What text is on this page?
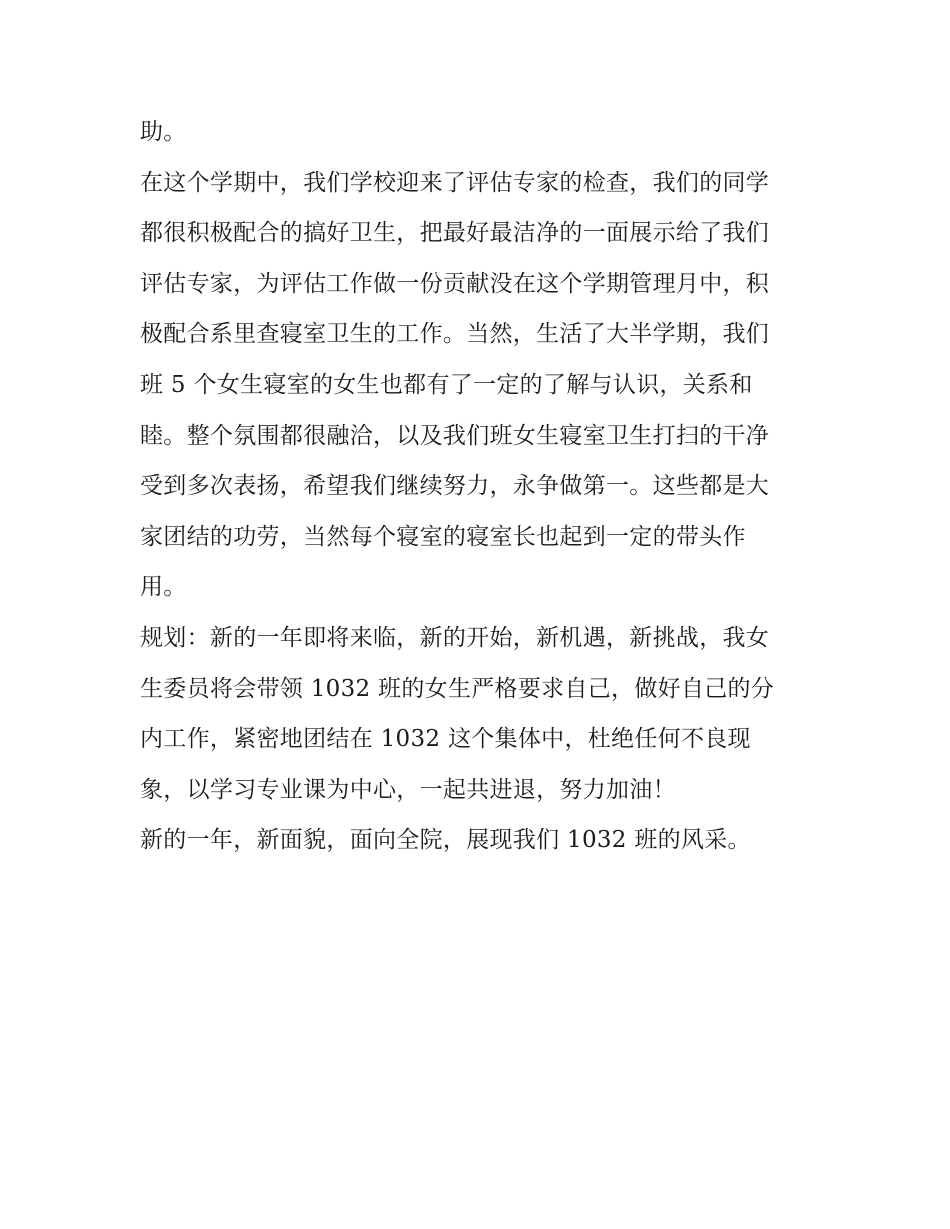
助。
在这个学期中，我们学校迎来了评估专家的检查，我们的同学
都很积极配合的搞好卫生，把最好最洁净的一面展示给了我们
评估专家，为评估工作做一份贡献没在这个学期管理月中，积
极配合系里查寝室卫生的工作。当然，生活了大半学期，我们
班 5 个女生寝室的女生也都有了一定的了解与认识，关系和
睦。整个氛围都很融洽，以及我们班女生寝室卫生打扫的干净
受到多次表扬，希望我们继续努力，永争做第一。这些都是大
家团结的功劳，当然每个寝室的寝室长也起到一定的带头作
用。
规划：新的一年即将来临，新的开始，新机遇，新挑战，我女
生委员将会带领 1032 班的女生严格要求自己，做好自己的分
内工作，紧密地团结在 1032 这个集体中，杜绝任何不良现
象，以学习专业课为中心，一起共进退，努力加油！
新的一年，新面貌，面向全院，展现我们 1032 班的风采。
